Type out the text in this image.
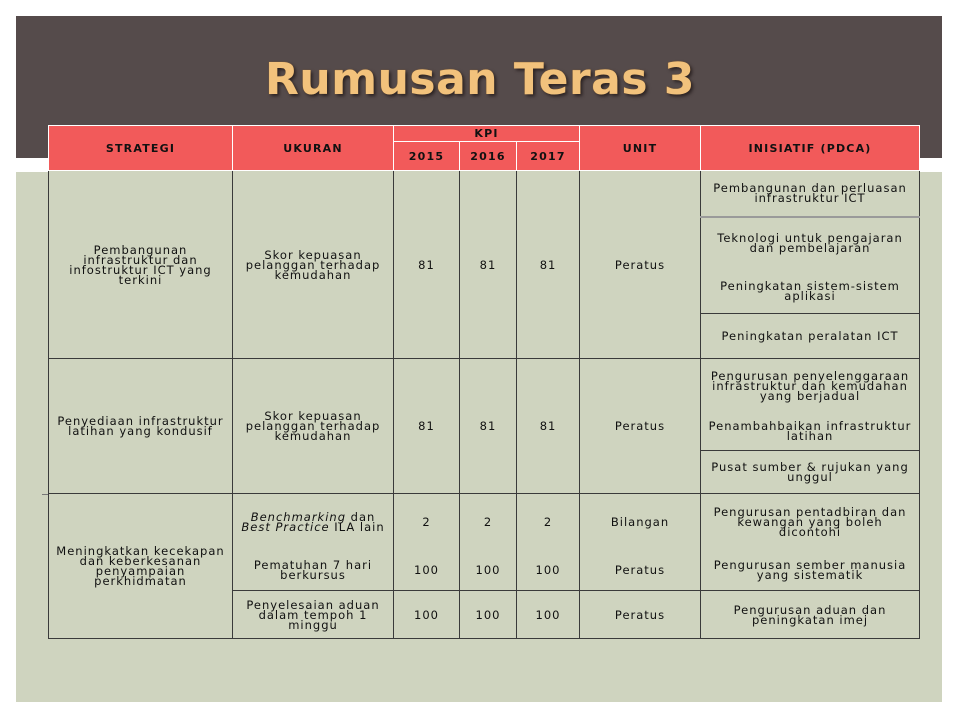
Rumusan Teras 3
STRATEGI	UKURAN	KPI			UNIT	INISIATIF (PDCA)
		2015	2016	2017		
Pembangunan infrastruktur dan infostruktur ICT yang terkini	Skor kepuasan pelanggan terhadap kemudahan	81	81	81	Peratus	Pembangunan dan perluasan infrastruktur ICT
						Teknologi untuk pengajaran dan pembelajaran
						Peningkatan sistem-sistem aplikasi
						Peningkatan peralatan ICT
Penyediaan infrastruktur latihan yang kondusif	Skor kepuasan pelanggan terhadap kemudahan	81	81	81	Peratus	Pengurusan penyelenggaraan infrastruktur dan kemudahan yang berjadual
						Penambahbaikan infrastruktur latihan
						Pusat sumber & rujukan yang unggul
Meningkatkan kecekapan dan keberkesanan penyampaian perkhidmatan	Benchmarking dan Best Practice ILA lain	2	2	2	Bilangan	Pengurusan pentadbiran dan kewangan yang boleh dicontohi
	Pematuhan 7 hari berkursus	100	100	100	Peratus	Pengurusan sember manusia yang sistematik
	Penyelesaian aduan dalam tempoh 1 minggu	100	100	100	Peratus	Pengurusan aduan dan peningkatan imej
